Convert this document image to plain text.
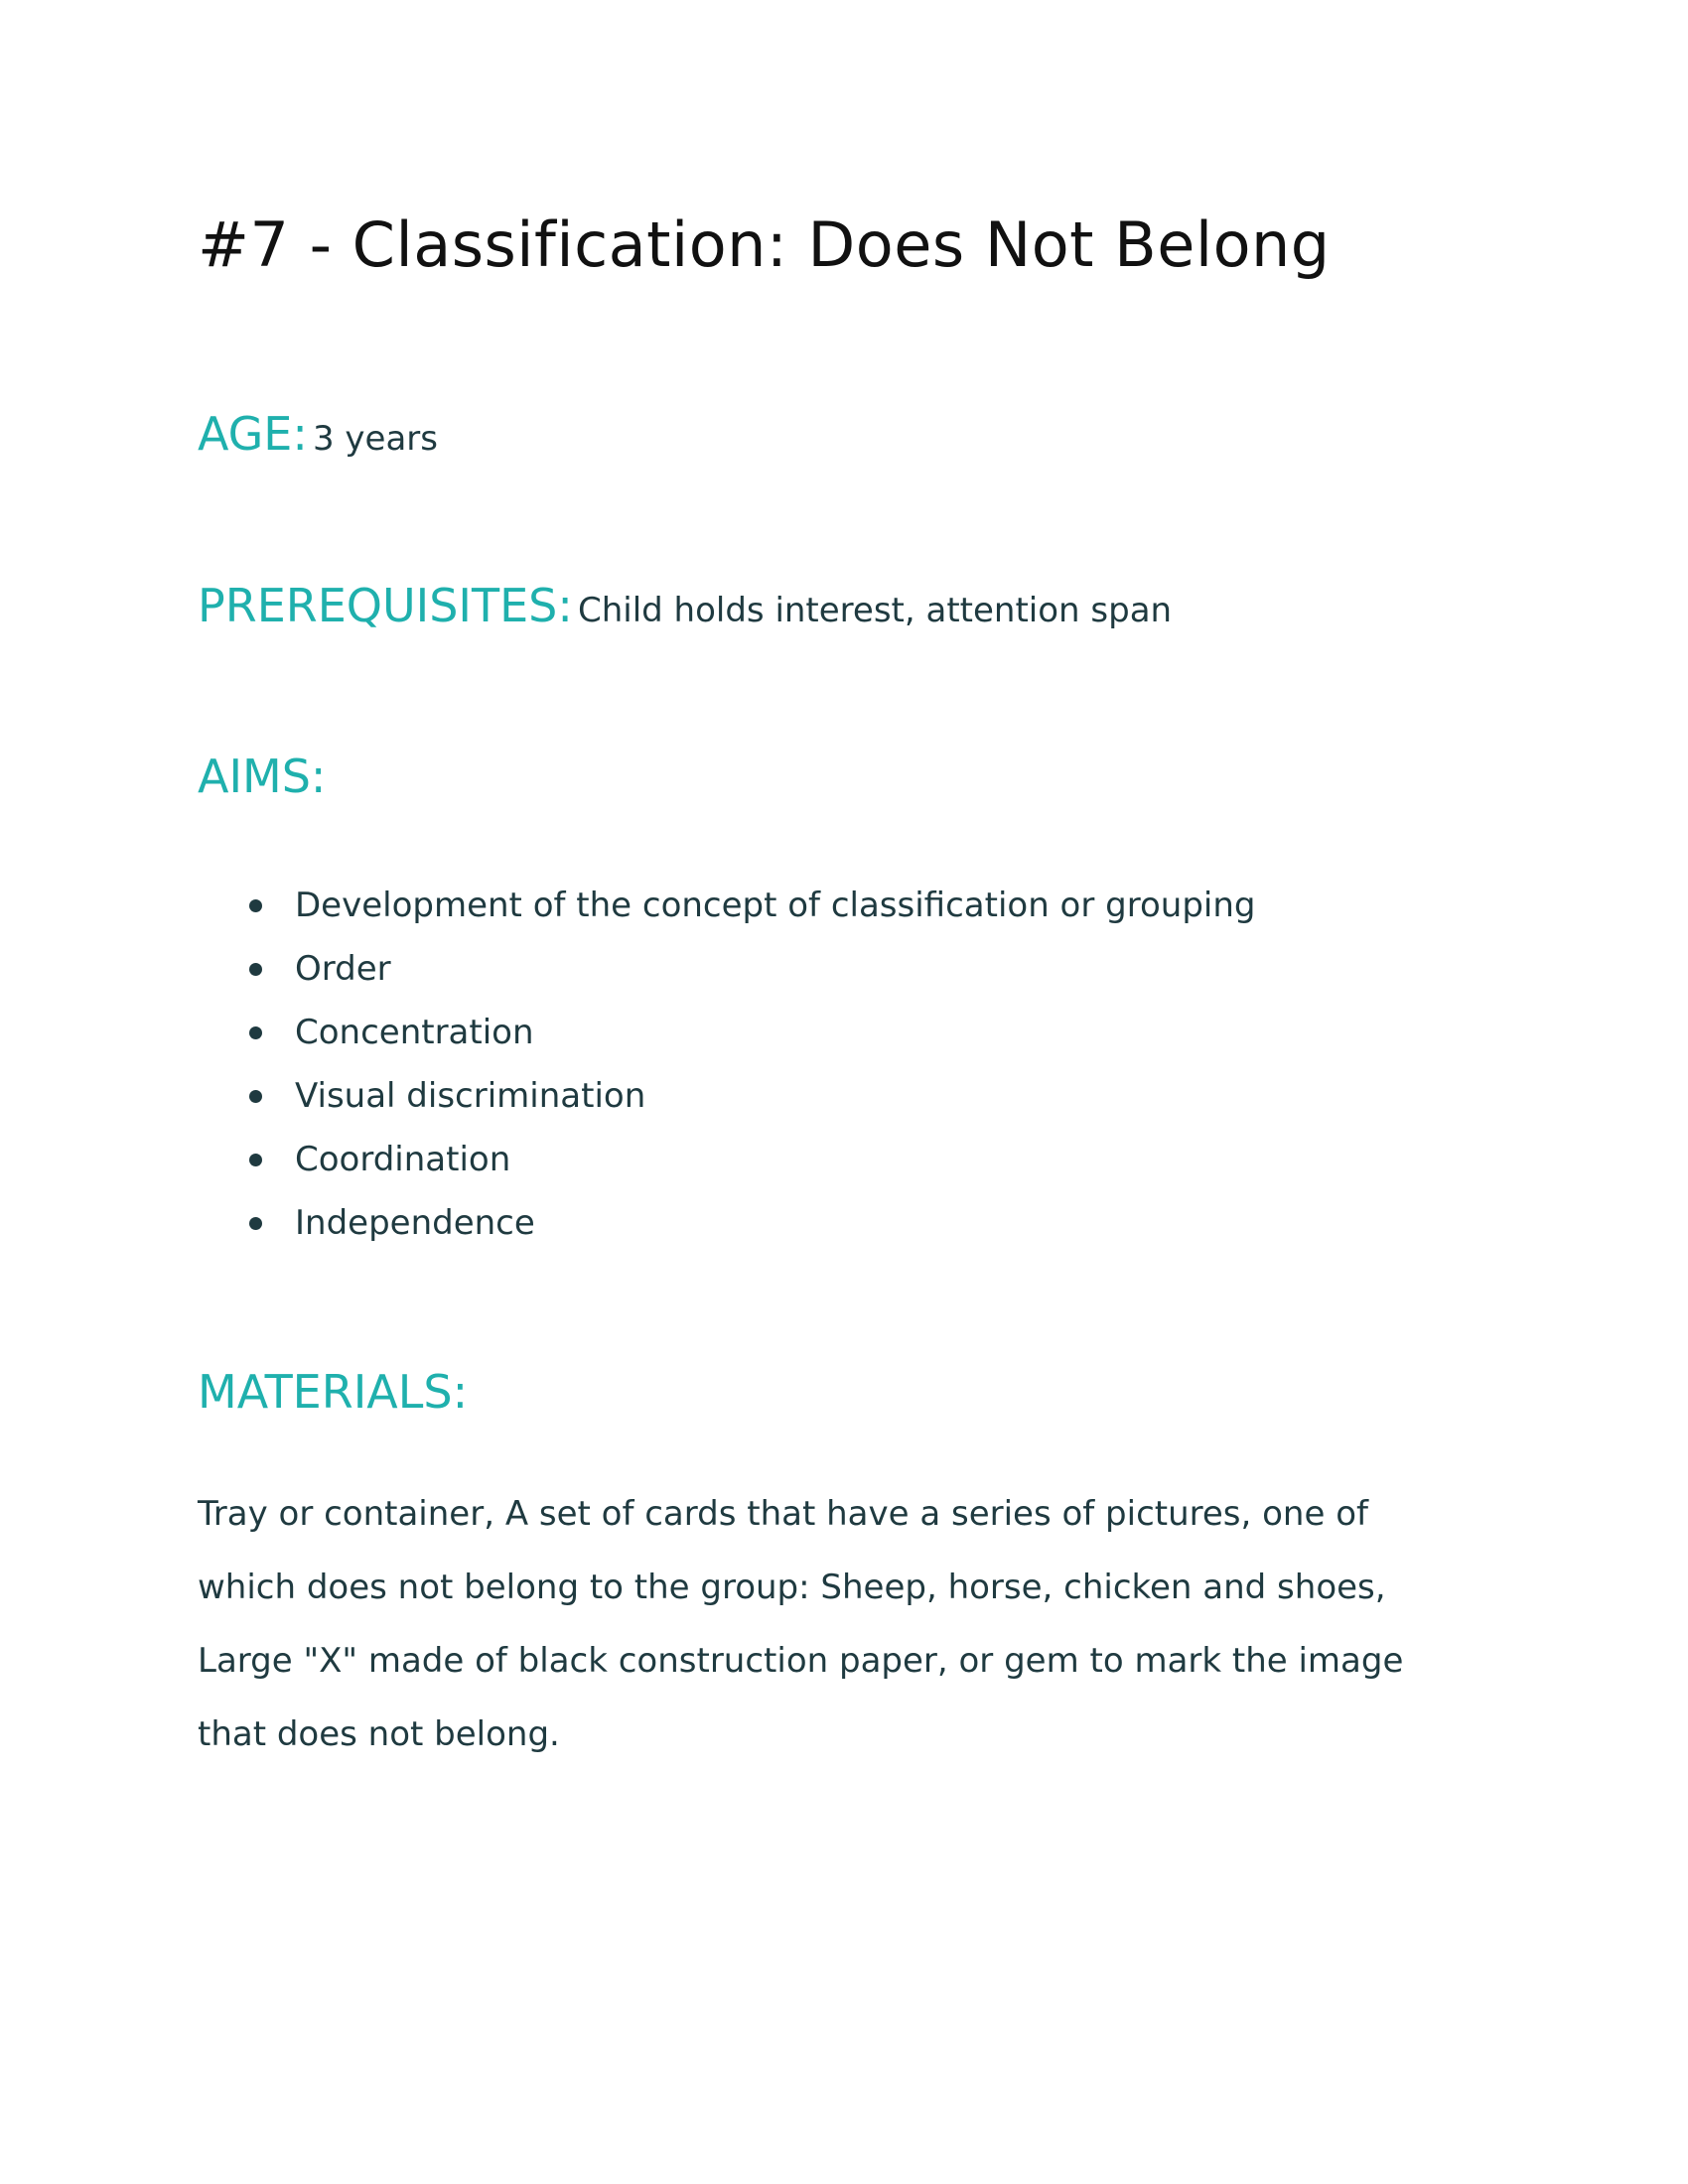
#7 - Classification: Does Not Belong
AGE: 3 years
PREREQUISITES: Child holds interest, attention span
AIMS:
Development of the concept of classification or grouping
Order
Concentration
Visual discrimination
Coordination
Independence
MATERIALS:

Tray or container, A set of cards that have a series of pictures, one of
which does not belong to the group: Sheep, horse, chicken and shoes,
Large "X" made of black construction paper, or gem to mark the image
that does not belong.
